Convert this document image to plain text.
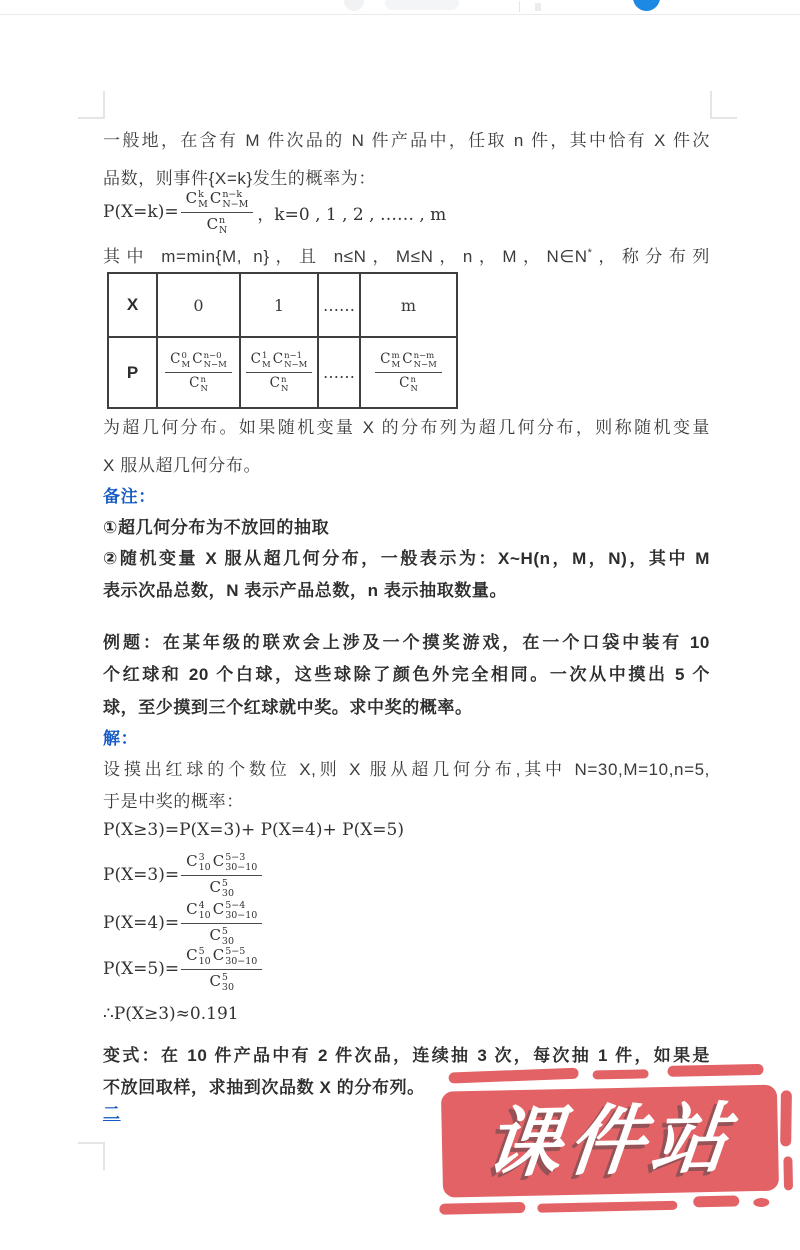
一般地，在含有 M 件次品的 N 件产品中，任取 n 件，其中恰有 X 件次
品数，则事件{X=k}发生的概率为：
P(X=k)= C k
M C n−k
N−M
C n
N ，k=0 , 1 , 2 , …… , m
其中 m=min{M, n}，且 n≤N，M≤N，n，M，N∈N*，称分布列
X	0	1	……	m
P	C 0
M C n−0
N−M
C n
N	C 1
M C n−1
N−M
C n
N	……	C m
M C n−m
N−M
C n
N
为超几何分布。如果随机变量 X 的分布列为超几何分布，则称随机变量
X 服从超几何分布。
备注：
①超几何分布为不放回的抽取
②随机变量 X 服从超几何分布，一般表示为：X~H(n，M，N)，其中 M
表示次品总数，N 表示产品总数，n 表示抽取数量。
例题：在某年级的联欢会上涉及一个摸奖游戏，在一个口袋中装有 10
个红球和 20 个白球，这些球除了颜色外完全相同。一次从中摸出 5 个
球，至少摸到三个红球就中奖。求中奖的概率。
解：
设摸出红球的个数位 X,则 X 服从超几何分布,其中 N=30,M=10,n=5,
于是中奖的概率：
P(X≥3)=P(X=3)+ P(X=4)+ P(X=5)
P(X=3)= C 3
10 C 5−3
30−10
C 5
30
P(X=4)= C 4
10 C 5−4
30−10
C 5
30
P(X=5)= C 5
10 C 5−5
30−10
C 5
30
∴P(X≥3)≈0.191
变式：在 10 件产品中有 2 件次品，连续抽 3 次，每次抽 1 件，如果是
不放回取样，求抽到次品数 X 的分布列。
二	课件站
